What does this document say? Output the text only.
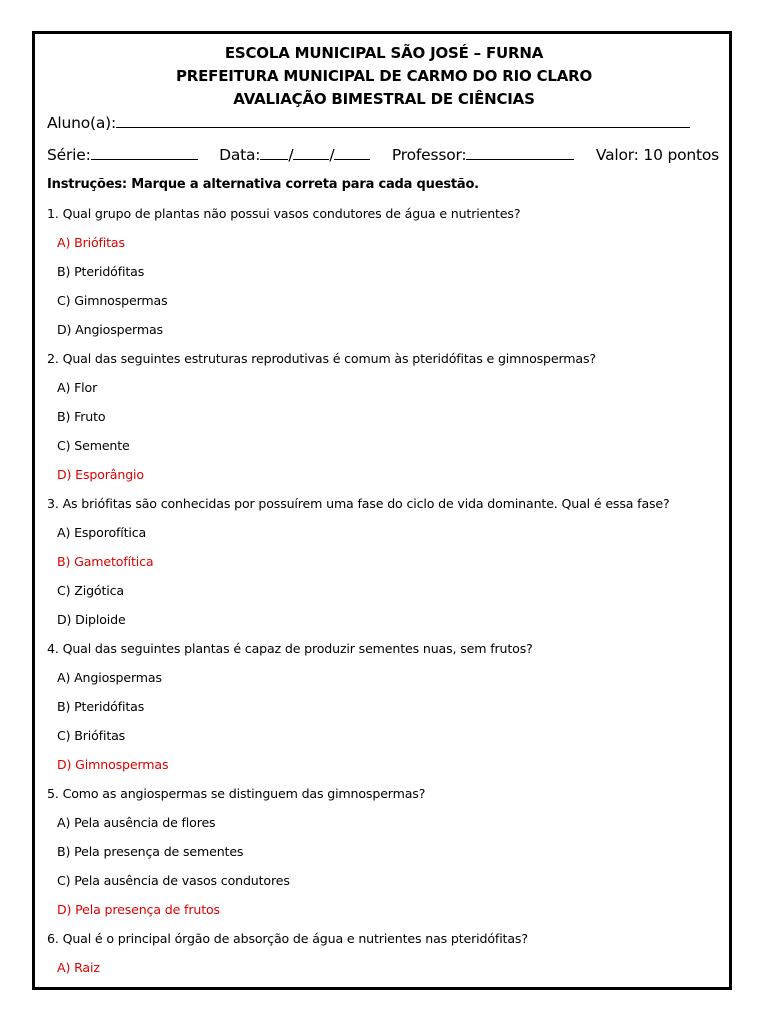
ESCOLA MUNICIPAL SÃO JOSÉ – FURNA
PREFEITURA MUNICIPAL DE CARMO DO RIO CLARO
AVALIAÇÃO BIMESTRAL DE CIÊNCIAS
Aluno(a):
Série:	Data: / /	Professor:	Valor: 10 pontos
Instruções: Marque a alternativa correta para cada questão.
1. Qual grupo de plantas não possui vasos condutores de água e nutrientes?
A) Briófitas
B) Pteridófitas
C) Gimnospermas
D) Angiospermas
2. Qual das seguintes estruturas reprodutivas é comum às pteridófitas e gimnospermas?
A) Flor
B) Fruto
C) Semente
D) Esporângio
3. As briófitas são conhecidas por possuírem uma fase do ciclo de vida dominante. Qual é essa fase?
A) Esporofítica
B) Gametofítica
C) Zigótica
D) Diploide
4. Qual das seguintes plantas é capaz de produzir sementes nuas, sem frutos?
A) Angiospermas
B) Pteridófitas
C) Briófitas
D) Gimnospermas
5. Como as angiospermas se distinguem das gimnospermas?
A) Pela ausência de flores
B) Pela presença de sementes
C) Pela ausência de vasos condutores
D) Pela presença de frutos
6. Qual é o principal órgão de absorção de água e nutrientes nas pteridófitas?
A) Raiz
